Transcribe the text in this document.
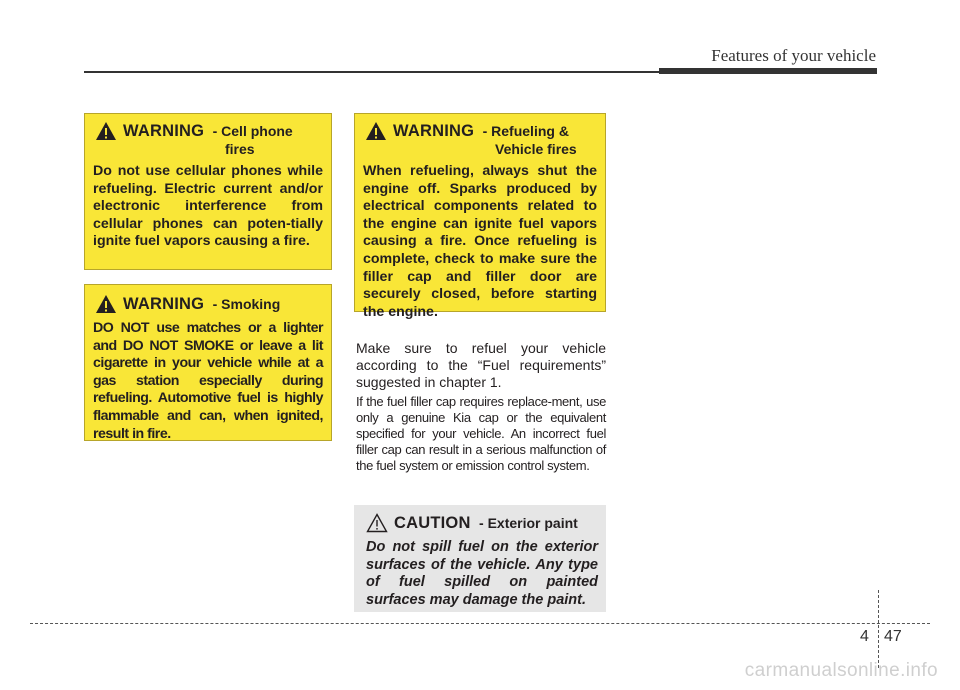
Features of your vehicle
WARNING - Cell phone
fires
Do not use cellular phones while refueling. Electric current and/or electronic interference from cellular phones can poten-tially ignite fuel vapors causing a fire.
WARNING - Smoking
DO NOT use matches or a lighter and DO NOT SMOKE or leave a lit cigarette in your vehicle while at a gas station especially during refueling. Automotive fuel is highly flammable and can, when ignited, result in fire.
WARNING - Refueling &
Vehicle fires
When refueling, always shut the engine off. Sparks produced by electrical components related to the engine can ignite fuel vapors causing a fire. Once refueling is complete, check to make sure the filler cap and filler door are securely closed, before starting the engine.
Make sure to refuel your vehicle according to the “Fuel requirements” suggested in chapter 1.
If the fuel filler cap requires replace-ment, use only a genuine Kia cap or the equivalent specified for your vehicle. An incorrect fuel filler cap can result in a serious malfunction of the fuel system or emission control system.
CAUTION - Exterior paint
Do not spill fuel on the exterior surfaces of the vehicle. Any type of fuel spilled on painted surfaces may damage the paint.
4 47
carmanualsonline.info
